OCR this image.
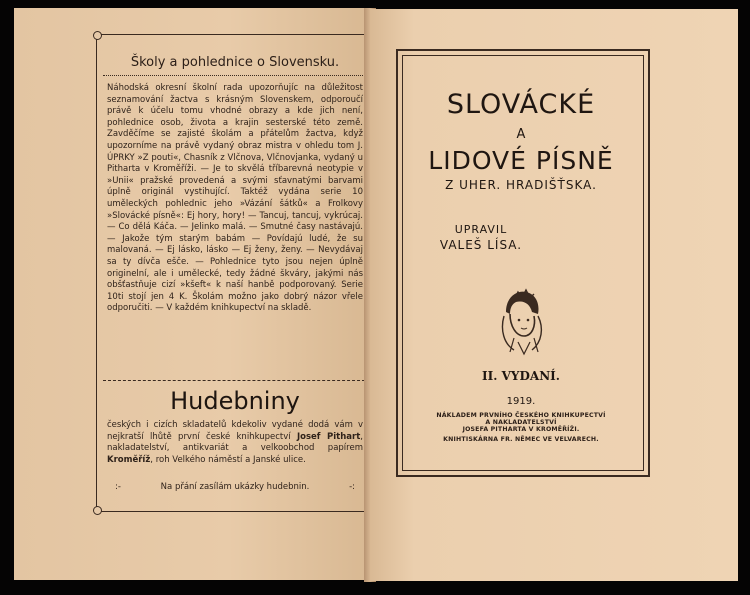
Školy a pohlednice o Slovensku.
Náhodská okresní školní rada upozorňujíc na důležitost seznamování žactva s krásným Slovenskem, odporoučí právě k účelu tomu vhodné obrazy a kde jich není, pohlednice osob, života a krajin sesterské této země. Zavděčíme se zajisté školám a přátelům žactva, když upozorníme na právě vydaný obraz mistra v ohledu tom J. ÚPRKY »Z pouti«, Chasník z Vlčnova, Vlčnovjanka, vydaný u Pitharta v Kroměříži. — Je to skvělá tříbarevná neotypie v »Unii« pražské provedená a svými sťavnatými barvami úplně originál vystihující. Taktéž vydána serie 10 uměleckých pohlednic jeho »Vázání šátků« a Frolkovy »Slovácké písně«: Ej hory, hory! — Tancuj, tancuj, vykrúcaj. — Co dělá Káča. — Jelinko malá. — Smutné časy nastávajú. — Jakože tým starým babám — Povídajú ludé, že su malovaná. — Ej lásko, lásko — Ej ženy, ženy. — Nevydávaj sa ty dívča ešče. — Pohlednice tyto jsou nejen úplně originelní, ale i umělecké, tedy žádné škváry, jakými nás obšťastňuje cizí »kšeft« k naší hanbě podporovaný. Serie 10ti stojí jen 4 K. Školám možno jako dobrý názor vřele odporučiti. — V každém knihkupectví na skladě.
Hudebniny
českých i cizích skladatelů kdekoliv vydané dodá vám v nejkratší lhůtě první české knihkupectví Josef Pithart, nakladatelství, antikvariát a velkoobchod papírem Kroměříž, roh Velkého náměstí a Janské ulice.
:-	Na přání zasílám ukázky hudebnin.	-:
SLOVÁCKÉ
A
LIDOVÉ PÍSNĚ
Z UHER. HRADIŠŤSKA.
UPRAVIL
VALEŠ LÍSA.
II. VYDANÍ.
1919.
NÁKLADEM PRVNÍHO ČESKÉHO KNIHKUPECTVÍ
A NAKLADATELSTVÍ
JOSEFA PITHARTA V KROMĚŘÍŽI.
KNIHTISKÁRNA FR. NĚMEC VE VELVARECH.
